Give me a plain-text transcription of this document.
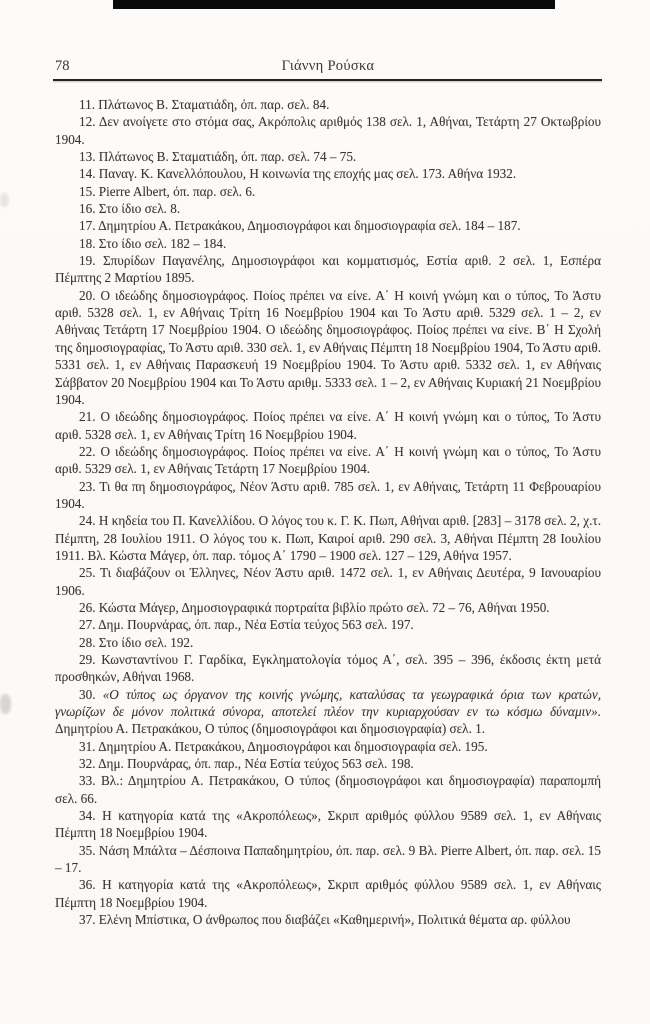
78	Γιάννη Ρούσκα

11. Πλάτωνος Β. Σταματιάδη, όπ. παρ. σελ. 84.

12. Δεν ανοίγετε στο στόμα σας, Ακρόπολις αριθμός 138 σελ. 1, Αθήναι, Τετάρτη 27 Οκτωβρίου 1904.

13. Πλάτωνος Β. Σταματιάδη, όπ. παρ. σελ. 74 – 75.

14. Παναγ. Κ. Κανελλόπουλου, Η κοινωνία της εποχής μας σελ. 173. Αθήνα 1932.

15. Pierre Albert, όπ. παρ. σελ. 6.

16. Στο ίδιο σελ. 8.

17. Δημητρίου Α. Πετρακάκου, Δημοσιογράφοι και δημοσιογραφία σελ. 184 – 187.

18. Στο ίδιο σελ. 182 – 184.

19. Σπυρίδων Παγανέλης, Δημοσιογράφοι και κομματισμός, Εστία αριθ. 2 σελ. 1, Εσπέρα Πέμπτης 2 Μαρτίου 1895.

20. Ο ιδεώδης δημοσιογράφος. Ποίος πρέπει να είνε. Α΄ Η κοινή γνώμη και ο τύπος, Το Άστυ αριθ. 5328 σελ. 1, εν Αθήναις Τρίτη 16 Νοεμβρίου 1904 και Το Άστυ αριθ. 5329 σελ. 1 – 2, εν Αθήναις Τετάρτη 17 Νοεμβρίου 1904. Ο ιδεώδης δημοσιογράφος. Ποίος πρέπει να είνε. Β΄ Η Σχολή της δημοσιογραφίας, Το Άστυ αριθ. 330 σελ. 1, εν Αθήναις Πέμπτη 18 Νοεμβρίου 1904, Το Άστυ αριθ. 5331 σελ. 1, εν Αθήναις Παρασκευή 19 Νοεμβρίου 1904. Το Άστυ αριθ. 5332 σελ. 1, εν Αθήναις Σάββατον 20 Νοεμβρίου 1904 και Το Άστυ αριθμ. 5333 σελ. 1 – 2, εν Αθήναις Κυριακή 21 Νοεμβρίου 1904.

21. Ο ιδεώδης δημοσιογράφος. Ποίος πρέπει να είνε. Α΄ Η κοινή γνώμη και ο τύπος, Το Άστυ αριθ. 5328 σελ. 1, εν Αθήναις Τρίτη 16 Νοεμβρίου 1904.

22. Ο ιδεώδης δημοσιογράφος. Ποίος πρέπει να είνε. Α΄ Η κοινή γνώμη και ο τύπος, Το Άστυ αριθ. 5329 σελ. 1, εν Αθήναις Τετάρτη 17 Νοεμβρίου 1904.

23. Τι θα πη δημοσιογράφος, Νέον Άστυ αριθ. 785 σελ. 1, εν Αθήναις, Τετάρτη 11 Φεβρουαρίου 1904.

24. Η κηδεία του Π. Κανελλίδου. Ο λόγος του κ. Γ. Κ. Πωπ, Αθήναι αριθ. [283] – 3178 σελ. 2, χ.τ. Πέμπτη, 28 Ιουλίου 1911. Ο λόγος του κ. Πωπ, Καιροί αριθ. 290 σελ. 3, Αθήναι Πέμπτη 28 Ιουλίου 1911. Βλ. Κώστα Μάγερ, όπ. παρ. τόμος Α΄ 1790 – 1900 σελ. 127 – 129, Αθήνα 1957.

25. Τι διαβάζουν οι Έλληνες, Νέον Άστυ αριθ. 1472 σελ. 1, εν Αθήναις Δευτέρα, 9 Ιανουαρίου 1906.

26. Κώστα Μάγερ, Δημοσιογραφικά πορτραίτα βιβλίο πρώτο σελ. 72 – 76, Αθήναι 1950.

27. Δημ. Πουρνάρας, όπ. παρ., Νέα Εστία τεύχος 563 σελ. 197.

28. Στο ίδιο σελ. 192.

29. Κωνσταντίνου Γ. Γαρδίκα, Εγκληματολογία τόμος Α΄, σελ. 395 – 396, έκδοσις έκτη μετά προσθηκών, Αθήναι 1968.

30. «Ο τύπος ως όργανον της κοινής γνώμης, καταλύσας τα γεωγραφικά όρια των κρατών, γνωρίζων δε μόνον πολιτικά σύνορα, αποτελεί πλέον την κυριαρχούσαν εν τω κόσμω δύναμιν». Δημητρίου Α. Πετρακάκου, Ο τύπος (δημοσιογράφοι και δημοσιογραφία) σελ. 1.

31. Δημητρίου Α. Πετρακάκου, Δημοσιογράφοι και δημοσιογραφία σελ. 195.

32. Δημ. Πουρνάρας, όπ. παρ., Νέα Εστία τεύχος 563 σελ. 198.

33. Βλ.: Δημητρίου Α. Πετρακάκου, Ο τύπος (δημοσιογράφοι και δημοσιογραφία) παραπομπή σελ. 66.

34. Η κατηγορία κατά της «Ακροπόλεως», Σκριπ αριθμός φύλλου 9589 σελ. 1, εν Αθήναις Πέμπτη 18 Νοεμβρίου 1904.

35. Νάση Μπάλτα – Δέσποινα Παπαδημητρίου, όπ. παρ. σελ. 9 Βλ. Pierre Albert, όπ. παρ. σελ. 15 – 17.

36. Η κατηγορία κατά της «Ακροπόλεως», Σκριπ αριθμός φύλλου 9589 σελ. 1, εν Αθήναις Πέμπτη 18 Νοεμβρίου 1904.

37. Ελένη Μπίστικα, Ο άνθρωπος που διαβάζει «Καθημερινή», Πολιτικά θέματα αρ. φύλλου
